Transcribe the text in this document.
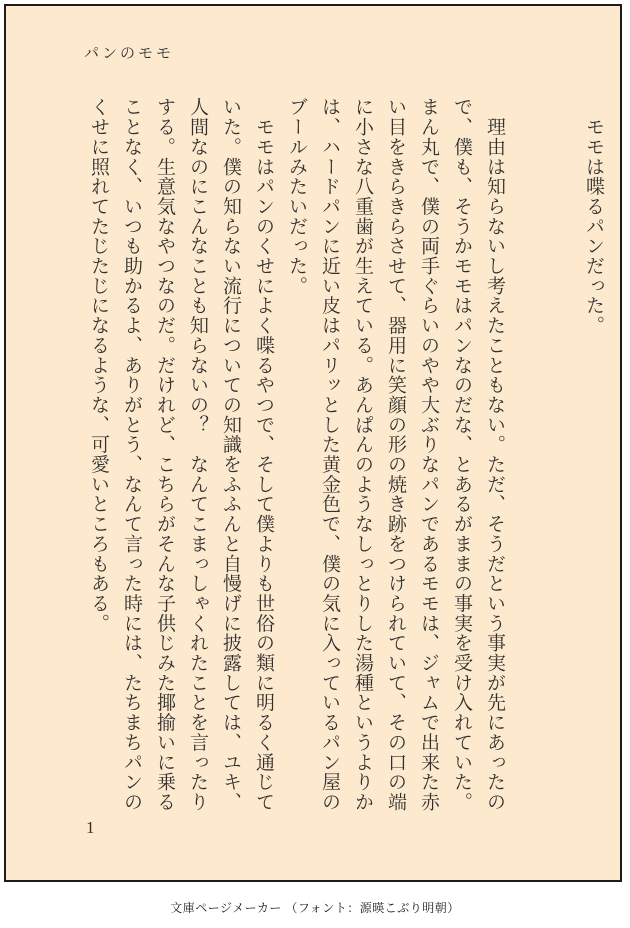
パンのモモ
　モモは喋るパンだった。
　理由は知らないし考えたこともない。ただ、そうだという事実が先にあったの
で、僕も、そうかモモはパンなのだな、とあるがままの事実を受け入れていた。
まん丸で、僕の両手ぐらいのやや大ぶりなパンであるモモは、ジャムで出来た赤
い目をきらきらさせて、器用に笑顔の形の焼き跡をつけられていて、その口の端
に小さな八重歯が生えている。あんぱんのようなしっとりした湯種というよりか
は、ハードパンに近い皮はパリッとした黄金色で、僕の気に入っているパン屋の
ブールみたいだった。
　モモはパンのくせによく喋るやつで、そして僕よりも世俗の類に明るく通じて
いた。僕の知らない流行についての知識をふふんと自慢げに披露しては、ユキ、
人間なのにこんなことも知らないの？　なんてこまっしゃくれたことを言ったり
する。生意気なやつなのだ。だけれど、こちらがそんな子供じみた揶揄いに乗る
ことなく、いつも助かるよ、ありがとう、なんて言った時には、たちまちパンの
くせに照れてたじたじになるような、可愛いところもある。
1
文庫ページメーカー （フォント：源暎こぶり明朝）
